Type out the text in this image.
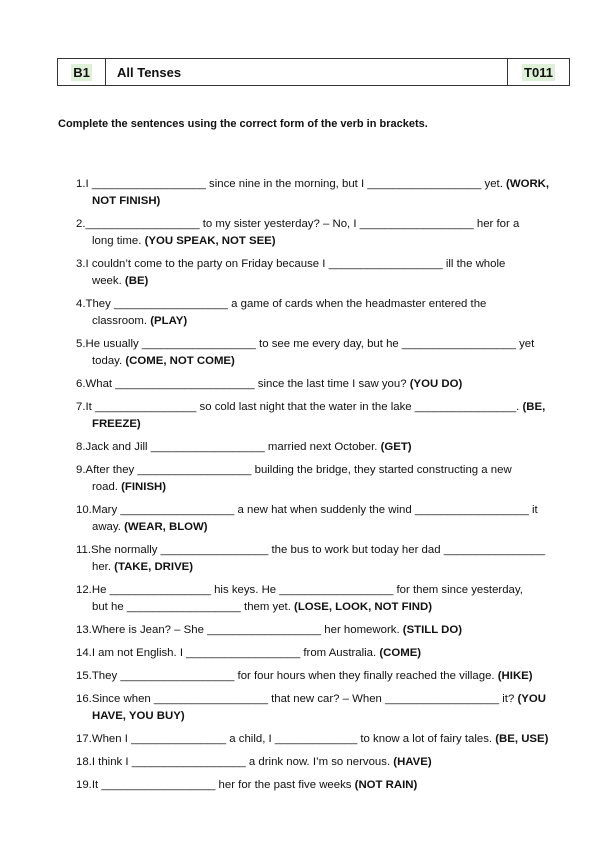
B1 All Tenses	T011
Complete the sentences using the correct form of the verb in brackets.
1.I __________________ since nine in the morning, but I __________________ yet. (WORK,
NOT FINISH)
2.__________________ to my sister yesterday? – No, I __________________ her for a
long time. (YOU SPEAK, NOT SEE)
3.I couldn’t come to the party on Friday because I __________________ ill the whole
week. (BE)
4.They __________________ a game of cards when the headmaster entered the
classroom. (PLAY)
5.He usually __________________ to see me every day, but he __________________ yet
today. (COME, NOT COME)
6.What ______________________ since the last time I saw you? (YOU DO)
7.It ________________ so cold last night that the water in the lake ________________. (BE,
FREEZE)
8.Jack and Jill __________________ married next October. (GET)
9.After they __________________ building the bridge, they started constructing a new
road. (FINISH)
10.Mary __________________ a new hat when suddenly the wind __________________ it
away. (WEAR, BLOW)
11.She normally _________________ the bus to work but today her dad ________________
her. (TAKE, DRIVE)
12.He ________________ his keys. He __________________ for them since yesterday,
but he __________________ them yet. (LOSE, LOOK, NOT FIND)
13.Where is Jean? – She __________________ her homework. (STILL DO)
14.I am not English. I __________________ from Australia. (COME)
15.They __________________ for four hours when they finally reached the village. (HIKE)
16.Since when __________________ that new car? – When __________________ it? (YOU
HAVE, YOU BUY)
17.When I _______________ a child, I _____________ to know a lot of fairy tales. (BE, USE)
18.I think I __________________ a drink now. I’m so nervous. (HAVE)
19.It __________________ her for the past five weeks (NOT RAIN)
